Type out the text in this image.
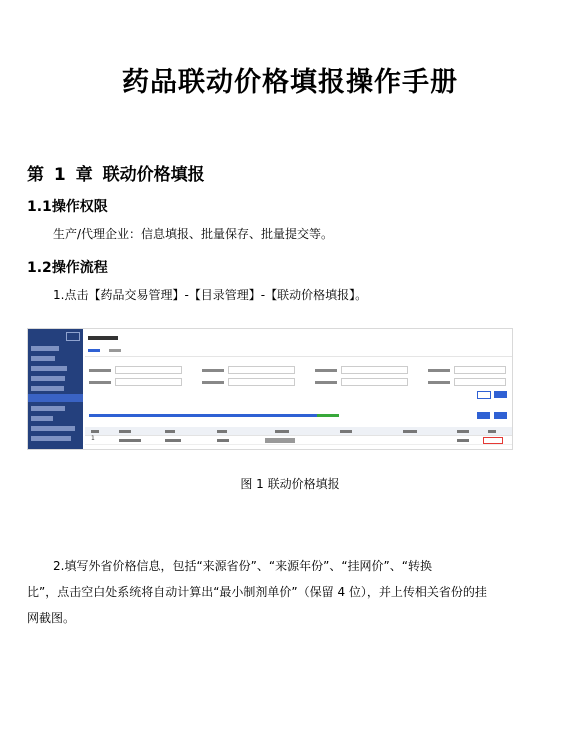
药品联动价格填报操作手册
第 1 章 联动价格填报
1.1操作权限
生产/代理企业：信息填报、批量保存、批量提交等。
1.2操作流程
1.点击【药品交易管理】-【目录管理】-【联动价格填报】。
1
图 1 联动价格填报
2.填写外省价格信息，包括“来源省份”、“来源年份”、“挂网价”、“转换
比”，点击空白处系统将自动计算出“最小制剂单价”（保留 4 位），并上传相关省份的挂
网截图。
